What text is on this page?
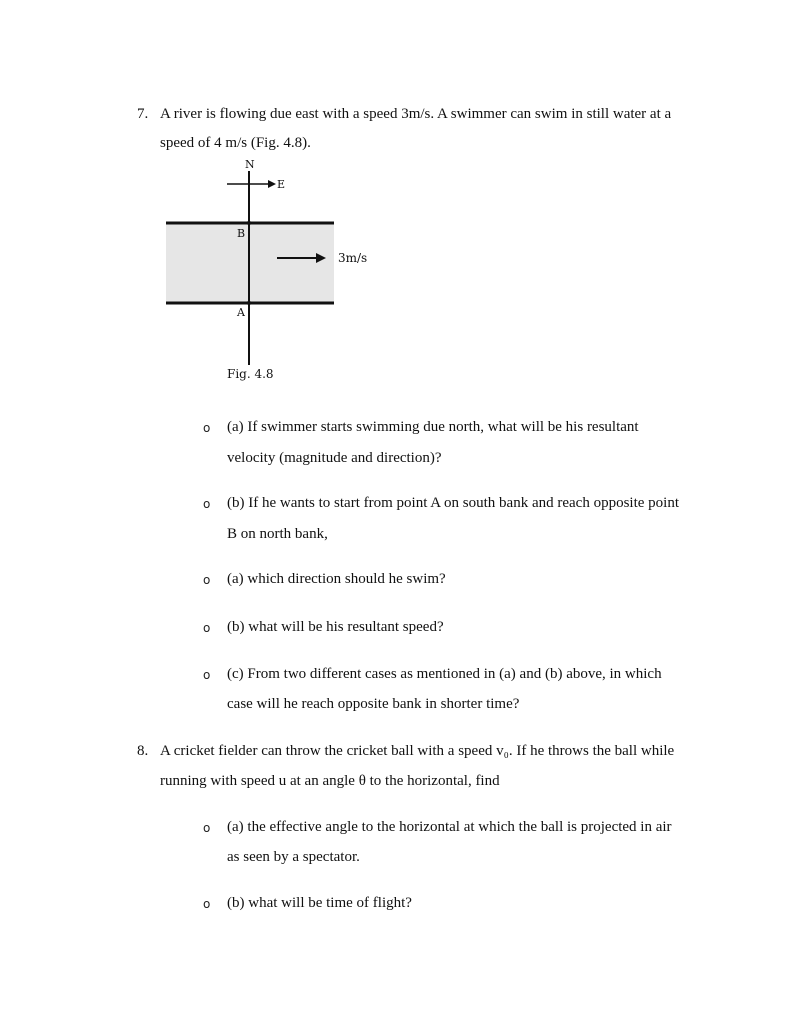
7. A river is flowing due east with a speed 3m/s. A swimmer can swim in still water at a
speed of 4 m/s (Fig. 4.8).
N
E
B
A
3m/s
Fig. 4.8
o (a) If swimmer starts swimming due north, what will be his resultant
velocity (magnitude and direction)?
o (b) If he wants to start from point A on south bank and reach opposite point
B on north bank,
o (a) which direction should he swim?
o (b) what will be his resultant speed?
o (c) From two different cases as mentioned in (a) and (b) above, in which
case will he reach opposite bank in shorter time?
8. A cricket fielder can throw the cricket ball with a speed v₀. If he throws the ball while
running with speed u at an angle θ to the horizontal, find
o (a) the effective angle to the horizontal at which the ball is projected in air
as seen by a spectator.
o (b) what will be time of flight?
